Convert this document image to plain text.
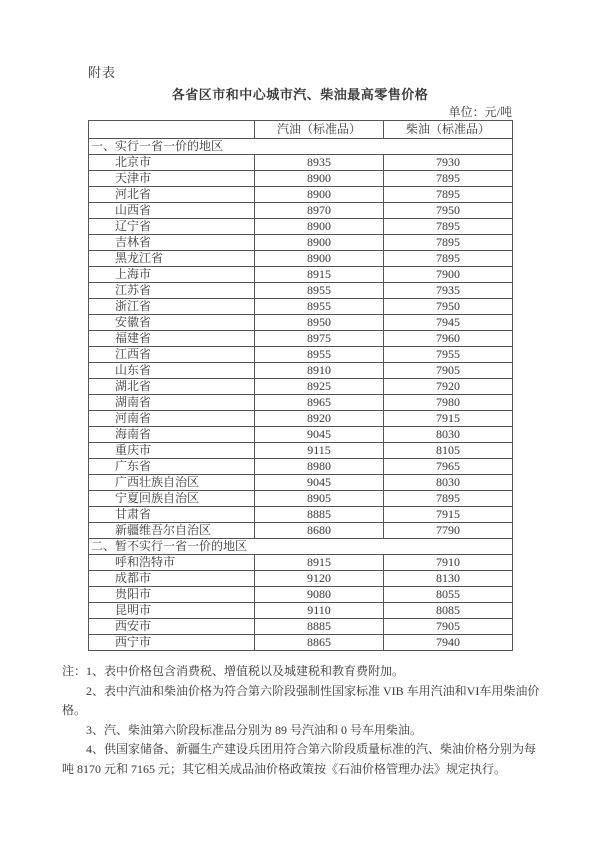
附表
各省区市和中心城市汽、柴油最高零售价格
单位：元/吨
	汽油（标准品）	柴油（标准品）
一、实行一省一价的地区		
北京市	8935	7930
天津市	8900	7895
河北省	8900	7895
山西省	8970	7950
辽宁省	8900	7895
吉林省	8900	7895
黑龙江省	8900	7895
上海市	8915	7900
江苏省	8955	7935
浙江省	8955	7950
安徽省	8950	7945
福建省	8975	7960
江西省	8955	7955
山东省	8910	7905
湖北省	8925	7920
湖南省	8965	7980
河南省	8920	7915
海南省	9045	8030
重庆市	9115	8105
广东省	8980	7965
广西壮族自治区	9045	8030
宁夏回族自治区	8905	7895
甘肃省	8885	7915
新疆维吾尔自治区	8680	7790
二、暂不实行一省一价的地区		
呼和浩特市	8915	7910
成都市	9120	8130
贵阳市	9080	8055
昆明市	9110	8085
西安市	8885	7905
西宁市	8865	7940

注：1、表中价格包含消费税、增值税以及城建税和教育费附加。

2、表中汽油和柴油价格为符合第六阶段强制性国家标准 VIB 车用汽油和VI车用柴油价格。

3、汽、柴油第六阶段标准品分别为 89 号汽油和 0 号车用柴油。

4、供国家储备、新疆生产建设兵团用符合第六阶段质量标准的汽、柴油价格分别为每吨 8170 元和 7165 元；其它相关成品油价格政策按《石油价格管理办法》规定执行。
